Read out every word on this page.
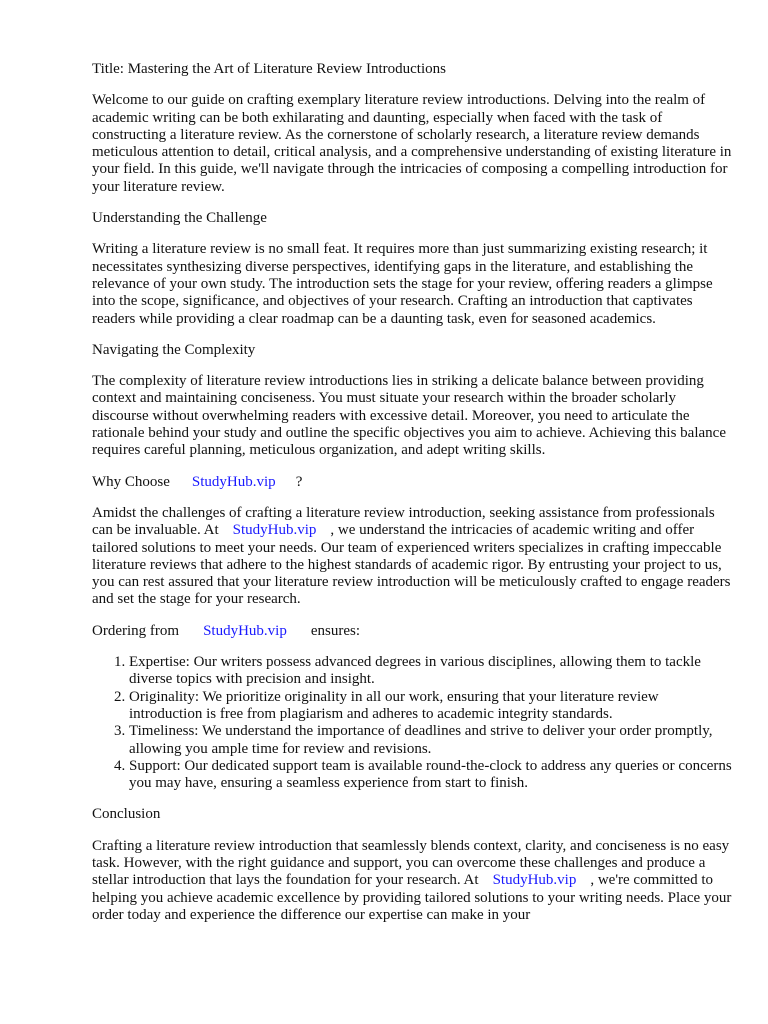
Title: Mastering the Art of Literature Review Introductions

Welcome to our guide on crafting exemplary literature review introductions. Delving into the realm of academic writing can be both exhilarating and daunting, especially when faced with the task of constructing a literature review. As the cornerstone of scholarly research, a literature review demands meticulous attention to detail, critical analysis, and a comprehensive understanding of existing literature in your field. In this guide, we'll navigate through the intricacies of composing a compelling introduction for your literature review.

Understanding the Challenge

Writing a literature review is no small feat. It requires more than just summarizing existing research; it necessitates synthesizing diverse perspectives, identifying gaps in the literature, and establishing the relevance of your own study. The introduction sets the stage for your review, offering readers a glimpse into the scope, significance, and objectives of your research. Crafting an introduction that captivates readers while providing a clear roadmap can be a daunting task, even for seasoned academics.

Navigating the Complexity

The complexity of literature review introductions lies in striking a delicate balance between providing context and maintaining conciseness. You must situate your research within the broader scholarly discourse without overwhelming readers with excessive detail. Moreover, you need to articulate the rationale behind your study and outline the specific objectives you aim to achieve. Achieving this balance requires careful planning, meticulous organization, and adept writing skills.

Why Choose StudyHub.vip ?

Amidst the challenges of crafting a literature review introduction, seeking assistance from professionals can be invaluable. At StudyHub.vip , we understand the intricacies of academic writing and offer tailored solutions to meet your needs. Our team of experienced writers specializes in crafting impeccable literature reviews that adhere to the highest standards of academic rigor. By entrusting your project to us, you can rest assured that your literature review introduction will be meticulously crafted to engage readers and set the stage for your research.

Ordering from StudyHub.vip ensures:

1. Expertise: Our writers possess advanced degrees in various disciplines, allowing them to tackle diverse topics with precision and insight.
2. Originality: We prioritize originality in all our work, ensuring that your literature review introduction is free from plagiarism and adheres to academic integrity standards.
3. Timeliness: We understand the importance of deadlines and strive to deliver your order promptly, allowing you ample time for review and revisions.
4. Support: Our dedicated support team is available round-the-clock to address any queries or concerns you may have, ensuring a seamless experience from start to finish.

Conclusion

Crafting a literature review introduction that seamlessly blends context, clarity, and conciseness is no easy task. However, with the right guidance and support, you can overcome these challenges and produce a stellar introduction that lays the foundation for your research. At StudyHub.vip , we're committed to helping you achieve academic excellence by providing tailored solutions to your writing needs. Place your order today and experience the difference our expertise can make in your
